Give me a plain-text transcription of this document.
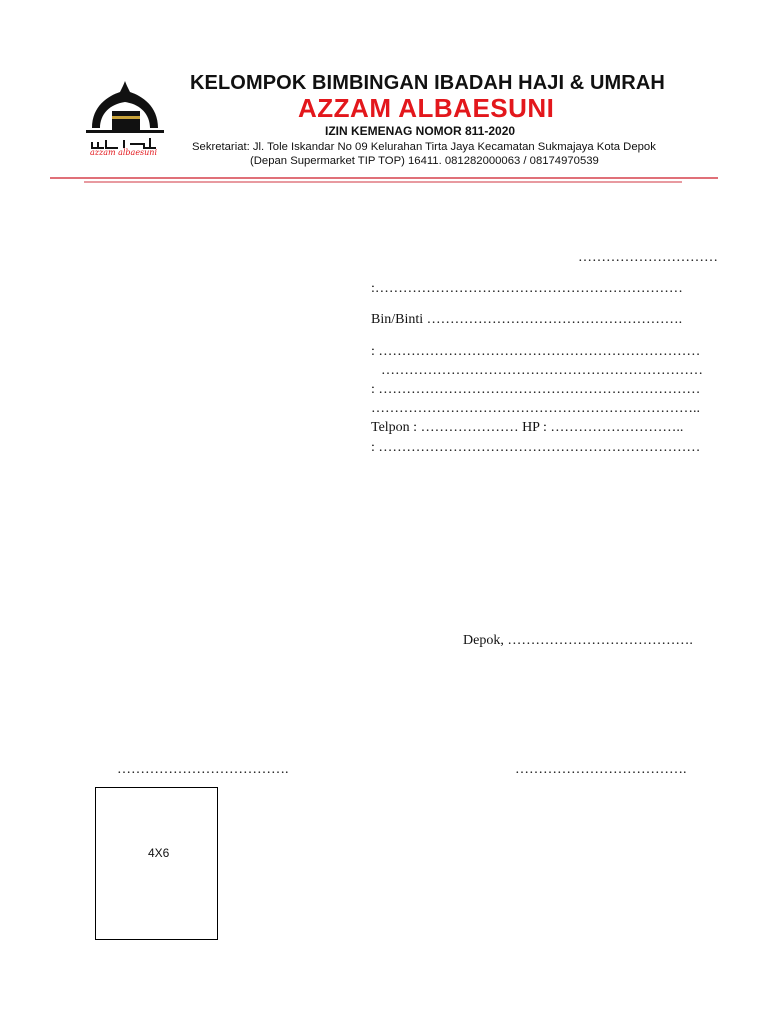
azzam albaesuni
KELOMPOK BIMBINGAN IBADAH HAJI & UMRAH
AZZAM ALBAESUNI
IZIN KEMENAG NOMOR 811-2020
Sekretariat: Jl. Tole Iskandar No 09 Kelurahan Tirta Jaya Kecamatan Sukmajaya Kota Depok
(Depan Supermarket TIP TOP) 16411. 081282000063 / 08174970539
…………………………
:…………………………………………………………
Bin/Binti ……………………………………………….
: ……………………………………………………………
……………………………………………………………
: ……………………………………………………………
……………………………………………………………..
Telpon : ………………… HP : ………………………..
: ……………………………………………………………
Depok, ………………………………….
……………………………….	……………………………….
4X6
